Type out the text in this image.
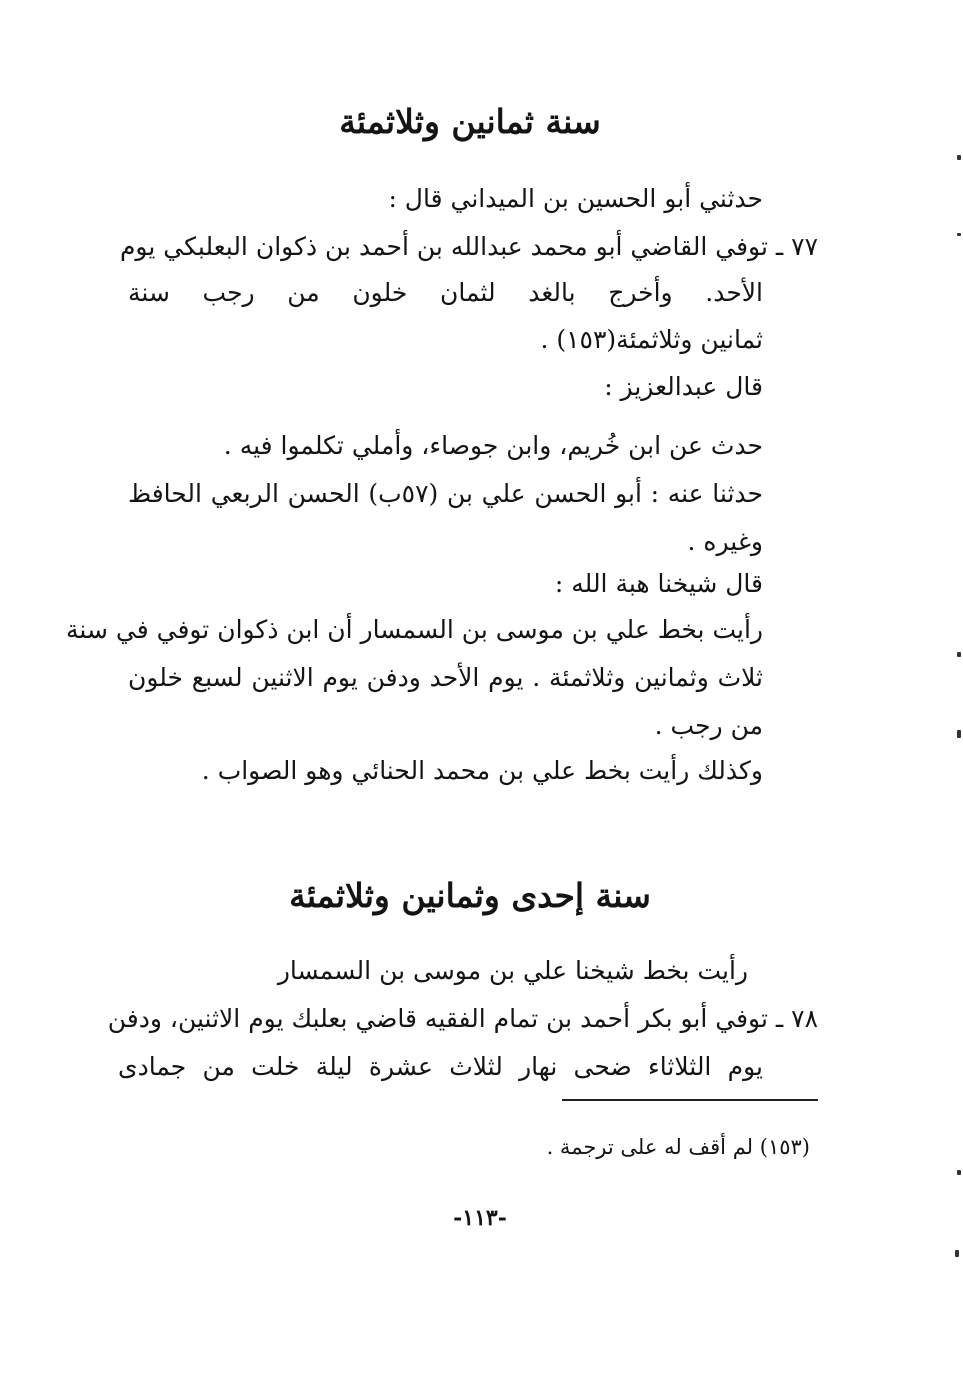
سنة ثمانين وثلاثمئة
حدثني أبو الحسين بن الميداني قال :
٧٧ ـ توفي القاضي أبو محمد عبدالله بن أحمد بن ذكوان البعلبكي يوم
الأحد. وأخرج بالغد لثمان خلون من رجب سنة
ثمانين وثلاثمئة(١٥٣) .
قال عبدالعزيز :
حدث عن ابن خُريم، وابن جوصاء، وأملي تكلموا فيه .
حدثنا عنه : أبو الحسن علي بن (٥٧ب) الحسن الربعي الحافظ
وغيره .
قال شيخنا هبة الله :
رأيت بخط علي بن موسى بن السمسار أن ابن ذكوان توفي في سنة
ثلاث وثمانين وثلاثمئة . يوم الأحد ودفن يوم الاثنين لسبع خلون
من رجب .
وكذلك رأيت بخط علي بن محمد الحنائي وهو الصواب .
سنة إحدى وثمانين وثلاثمئة
رأيت بخط شيخنا علي بن موسى بن السمسار
٧٨ ـ توفي أبو بكر أحمد بن تمام الفقيه قاضي بعلبك يوم الاثنين، ودفن
يوم الثلاثاء ضحى نهار لثلاث عشرة ليلة خلت من جمادى
(١٥٣) لم أقف له على ترجمة .
-١١٣-
